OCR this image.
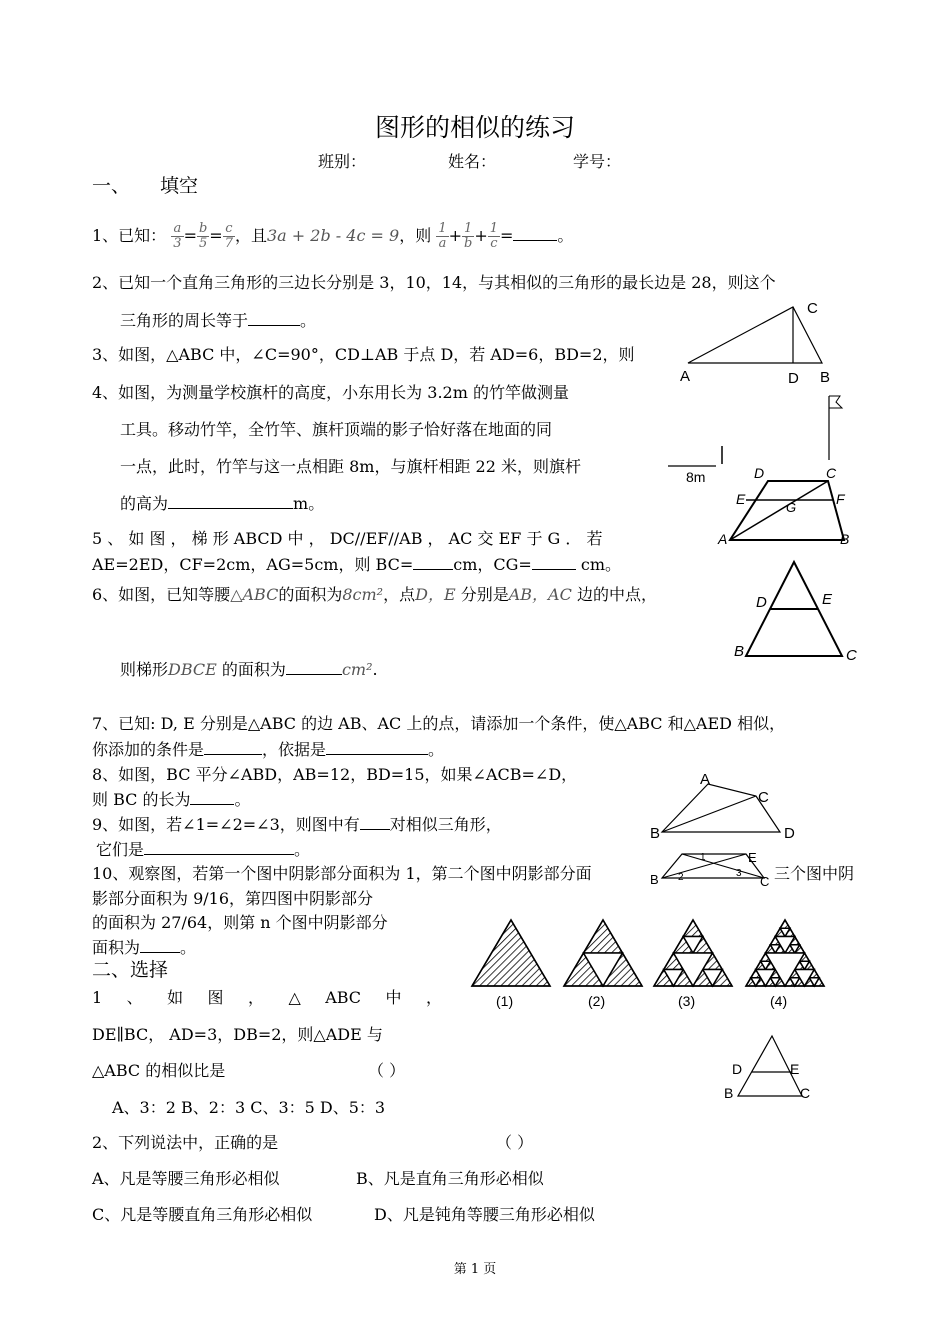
图形的相似的练习
班别：	姓名：	学号：
一、 填空
1、已知： $\frac{a}{3} = \frac{b}{5} = \frac{c}{7}$ ，且3a + 2b - 4c = 9，则 $\frac{1}{a} + \frac{1}{b} + \frac{1}{c}$ =	。
2、已知一个直角三角形的三边长分别是 3，10，14，与其相似的三角形的最长边是 28，则这个
三角形的周长等于	。
3、如图，△ABC 中，∠C=90°，CD⊥AB 于点 D，若 AD=6，BD=2，则
4、如图，为测量学校旗杆的高度，小东用长为 3.2m 的竹竿做测量
工具。移动竹竿，全竹竿、旗杆顶端的影子恰好落在地面的同
一点，此时，竹竿与这一点相距 8m，与旗杆相距 22 米，则旗杆
的高为	m。
5 、 如 图 ， 梯 形 ABCD 中 ， DC//EF//AB ， AC 交 EF 于 G ． 若
AE=2ED，CF=2cm，AG=5cm，则 BC=	cm，CG=	cm。
6、如图，已知等腰△ABC的面积为8cm²，点D，E 分别是AB，AC 边的中点，
则梯形DBCE 的面积为	cm².
7、已知: D, E 分别是△ABC 的边 AB、AC 上的点，请添加一个条件，使△ABC 和△AED 相似，
你添加的条件是	，依据是	。
8、如图，BC 平分∠ABD，AB=12，BD=15，如果∠ACB=∠D，
则 BC 的长为	。
9、如图，若∠1=∠2=∠3，则图中有 对相似三角形，
它们是	。
10、观察图，若第一个图中阴影部分面积为 1，第二个图中阴影部分面	三个图中阴
影部分面积为 9/16，第四图中阴影部分
的面积为 27/64，则第 n 个图中阴影部分
面积为	。
二、选择
1 、 如 图 ， △ ABC 中 ，
DE∥BC， AD=3，DB=2，则△ADE 与
△ABC 的相似比是	（ ）
A、3：2 B、2：3 C、3：5 D、5：3
2、下列说法中，正确的是	（ ）
A、凡是等腰三角形必相似	B、凡是直角三角形必相似
C、凡是等腰直角三角形必相似	D、凡是钝角等腰三角形必相似
A	D B
C
8m	D	C
E	F
G
A	B
D	E
B	C
A
C
B	D
1
2	3
E
B	C
(1)	(2)	(3)	(4)
D	E
B	C
第 1 页
